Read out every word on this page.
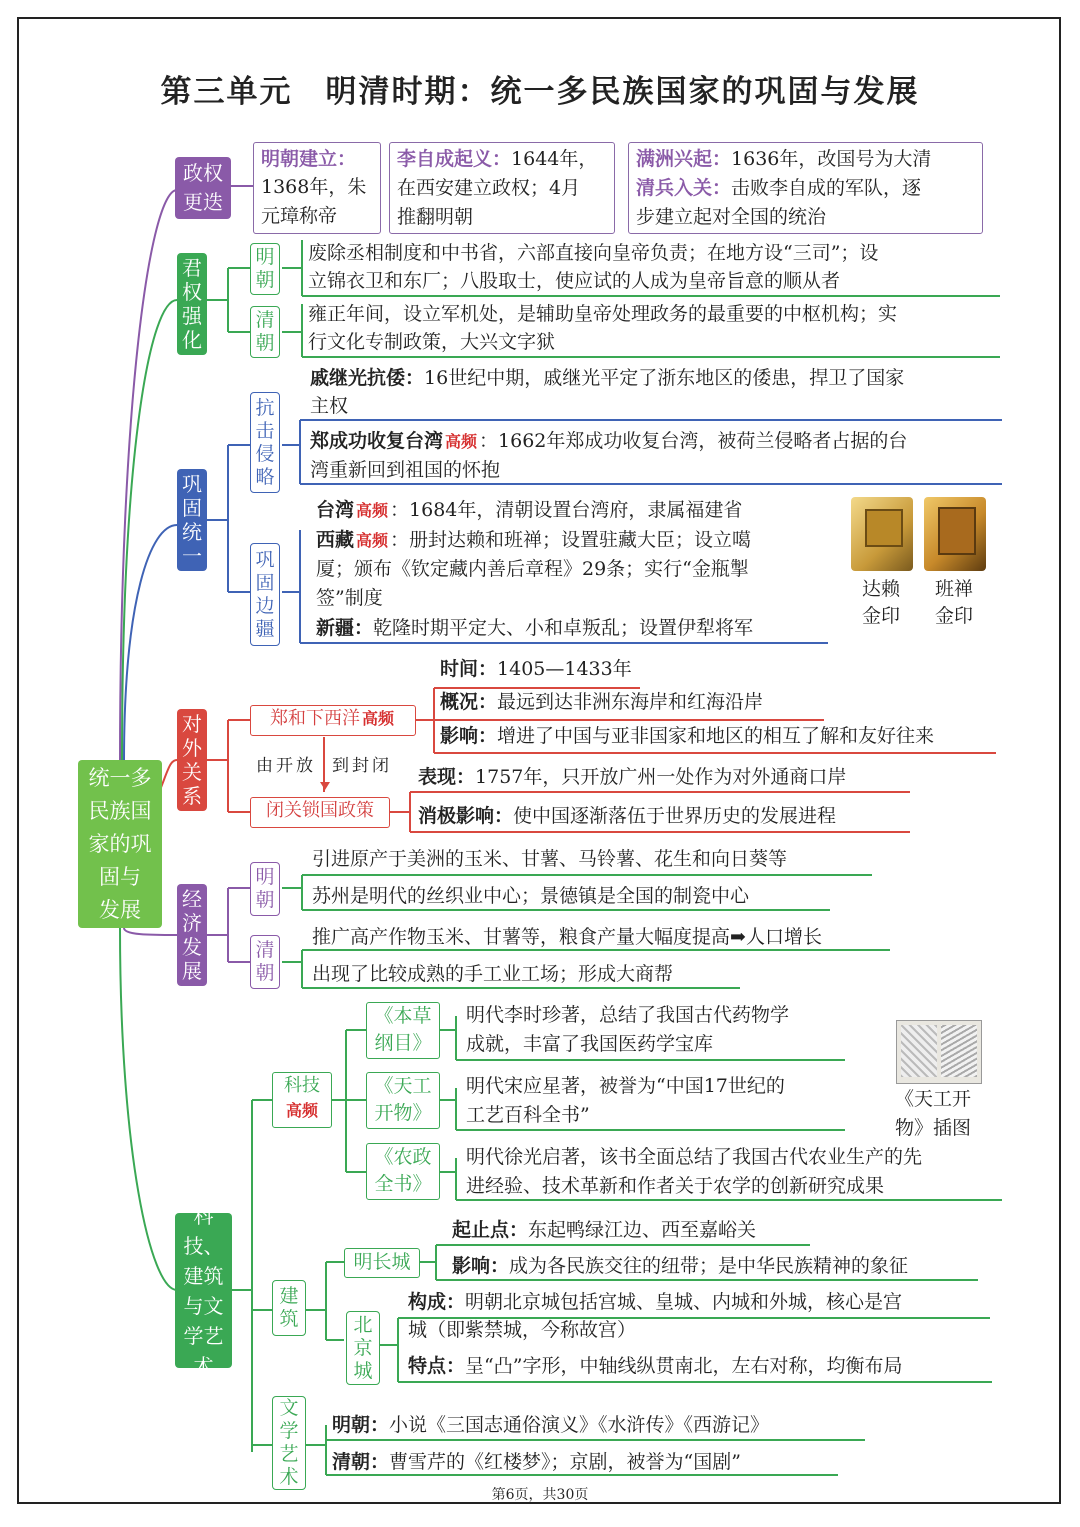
第三单元　明清时期：统一多民族国家的巩固与发展
统一多
民族国
家的巩
固与
发展
政权更迭
明朝建立：
1368年，朱
元璋称帝
李自成起义：1644年，
在西安建立政权；4月
推翻明朝
满洲兴起：1636年，改国号为大清
清兵入关：击败李自成的军队，逐
步建立起对全国的统治
君权强化
明朝
清朝
废除丞相制度和中书省，六部直接向皇帝负责；在地方设“三司”；设
立锦衣卫和东厂；八股取士，使应试的人成为皇帝旨意的顺从者
雍正年间，设立军机处，是辅助皇帝处理政务的最重要的中枢机构；实
行文化专制政策，大兴文字狱
巩固统一
抗击侵略
巩固边疆
戚继光抗倭：16世纪中期，戚继光平定了浙东地区的倭患，捍卫了国家
主权
郑成功收复台湾 高频 ：1662年郑成功收复台湾，被荷兰侵略者占据的台
湾重新回到祖国的怀抱
台湾 高频 ：1684年，清朝设置台湾府，隶属福建省
西藏 高频 ：册封达赖和班禅；设置驻藏大臣；设立噶
厦；颁布《钦定藏内善后章程》29条；实行“金瓶掣
签”制度
新疆：乾隆时期平定大、小和卓叛乱；设置伊犁将军
达赖
金印
班禅
金印
对外关系
郑和下西洋 高频
时间：1405—1433年
概况：最远到达非洲东海岸和红海沿岸
影响：增进了中国与亚非国家和地区的相互了解和友好往来
由开放 到封闭
闭关锁国政策
表现：1757年，只开放广州一处作为对外通商口岸
消极影响：使中国逐渐落伍于世界历史的发展进程
经济发展
明朝
清朝
引进原产于美洲的玉米、甘薯、马铃薯、花生和向日葵等
苏州是明代的丝织业中心；景德镇是全国的制瓷中心
推广高产作物玉米、甘薯等，粮食产量大幅度提高➡人口增长
出现了比较成熟的手工业工场；形成大商帮
科技、建筑与文学艺术
科技
高频
《本草
纲目》
《天工
开物》
《农政
全书》
明代李时珍著，总结了我国古代药物学
成就，丰富了我国医药学宝库
明代宋应星著，被誉为“中国17世纪的
工艺百科全书”
明代徐光启著，该书全面总结了我国古代农业生产的先
进经验、技术革新和作者关于农学的创新研究成果
《天工开
物》插图
建筑
明长城
北京城
起止点：东起鸭绿江边、西至嘉峪关
影响：成为各民族交往的纽带；是中华民族精神的象征
构成：明朝北京城包括宫城、皇城、内城和外城，核心是宫
城（即紫禁城，今称故宫）
特点：呈“凸”字形，中轴线纵贯南北，左右对称，均衡布局
文学艺术
明朝：小说《三国志通俗演义》《水浒传》《西游记》
清朝：曹雪芹的《红楼梦》；京剧，被誉为“国剧”
第6页，共30页
